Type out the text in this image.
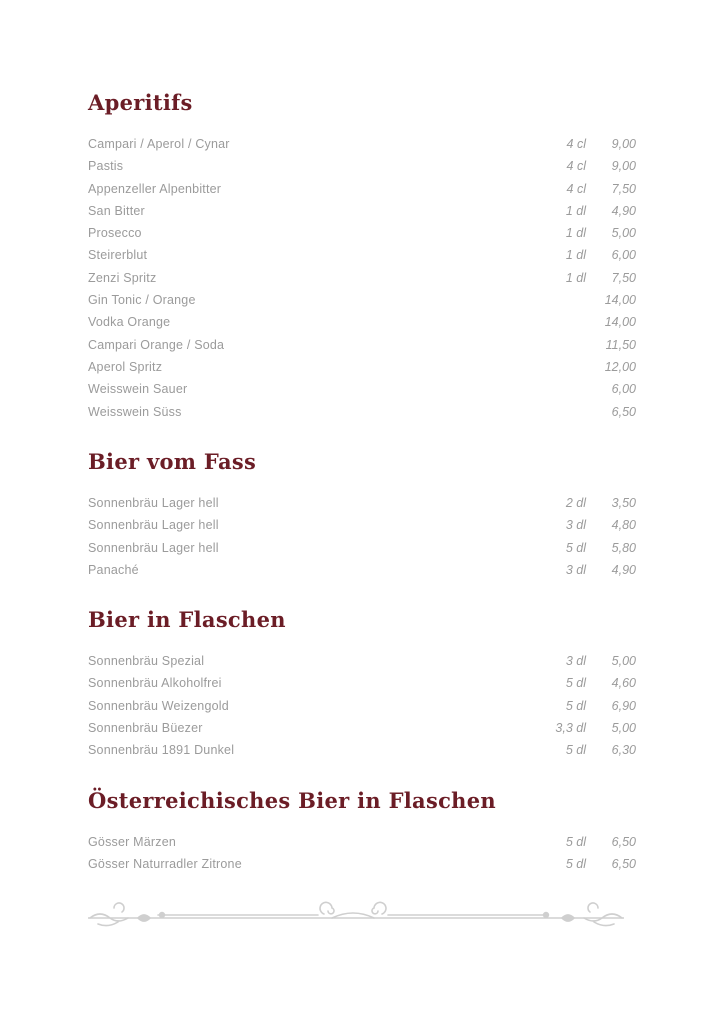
Aperitifs
Campari / Aperol / Cynar	4 cl 9,00
Pastis	4 cl 9,00
Appenzeller Alpenbitter	4 cl 7,50
San Bitter	1 dl 4,90
Prosecco	1 dl 5,00
Steirerblut	1 dl 6,00
Zenzi Spritz	1 dl 7,50
Gin Tonic / Orange	14,00
Vodka Orange	14,00
Campari Orange / Soda	11,50
Aperol Spritz	12,00
Weisswein Sauer	6,00
Weisswein Süss	6,50
Bier vom Fass
Sonnenbräu Lager hell	2 dl 3,50
Sonnenbräu Lager hell	3 dl 4,80
Sonnenbräu Lager hell	5 dl 5,80
Panaché	3 dl 4,90
Bier in Flaschen
Sonnenbräu Spezial	3 dl 5,00
Sonnenbräu Alkoholfrei	5 dl 4,60
Sonnenbräu Weizengold	5 dl 6,90
Sonnenbräu Büezer	3,3 dl 5,00
Sonnenbräu 1891 Dunkel	5 dl 6,30
Österreichisches Bier in Flaschen
Gösser Märzen	5 dl 6,50
Gösser Naturradler Zitrone	5 dl 6,50
